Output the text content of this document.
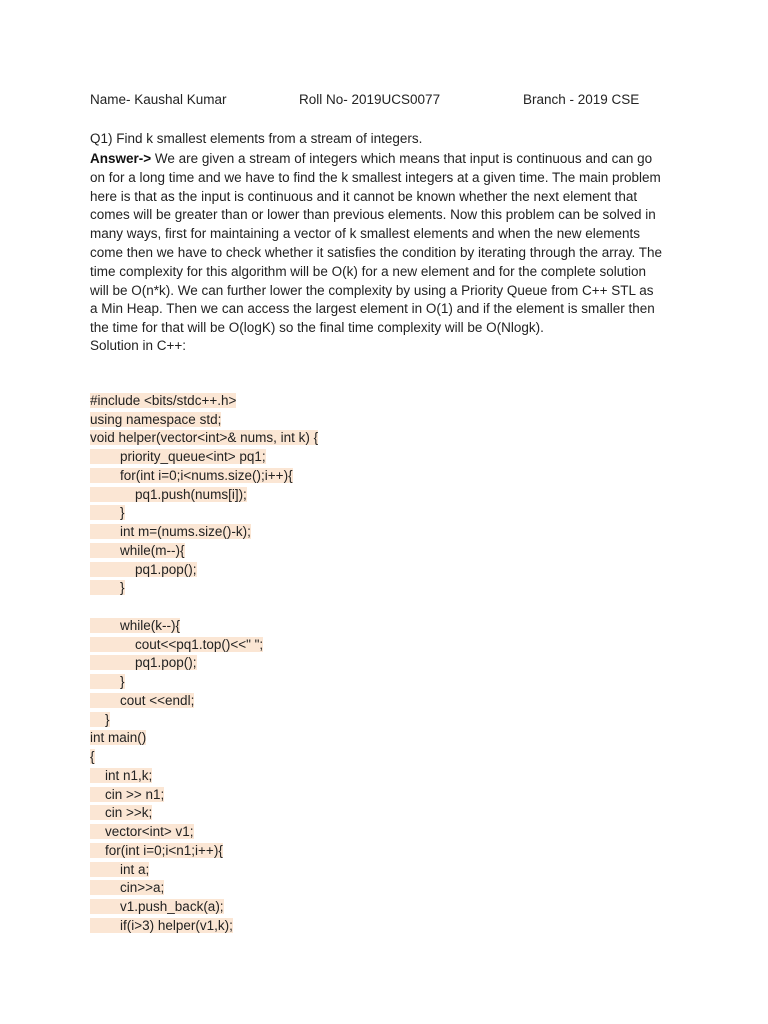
Name- Kaushal Kumar	Roll No- 2019UCS0077	Branch - 2019 CSE
Q1) Find k smallest elements from a stream of integers.
Answer-> We are given a stream of integers which means that input is continuous and can go
on for a long time and we have to find the k smallest integers at a given time. The main problem
here is that as the input is continuous and it cannot be known whether the next element that
comes will be greater than or lower than previous elements. Now this problem can be solved in
many ways, first for maintaining a vector of k smallest elements and when the new elements
come then we have to check whether it satisfies the condition by iterating through the array. The
time complexity for this algorithm will be O(k) for a new element and for the complete solution
will be O(n*k). We can further lower the complexity by using a Priority Queue from C++ STL as
a Min Heap. Then we can access the largest element in O(1) and if the element is smaller then
the time for that will be O(logK) so the final time complexity will be O(Nlogk).
Solution in C++:
#include <bits/stdc++.h>
using namespace std;
void helper(vector<int>& nums, int k) {
priority_queue<int> pq1;
for(int i=0;i<nums.size();i++){
pq1.push(nums[i]);
}
int m=(nums.size()-k);
while(m--){
pq1.pop();
}
while(k--){
cout<<pq1.top()<<" ";
pq1.pop();
}
cout <<endl;
}
int main()
{
int n1,k;
cin >> n1;
cin >>k;
vector<int> v1;
for(int i=0;i<n1;i++){
int a;
cin>>a;
v1.push_back(a);
if(i>3) helper(v1,k);
